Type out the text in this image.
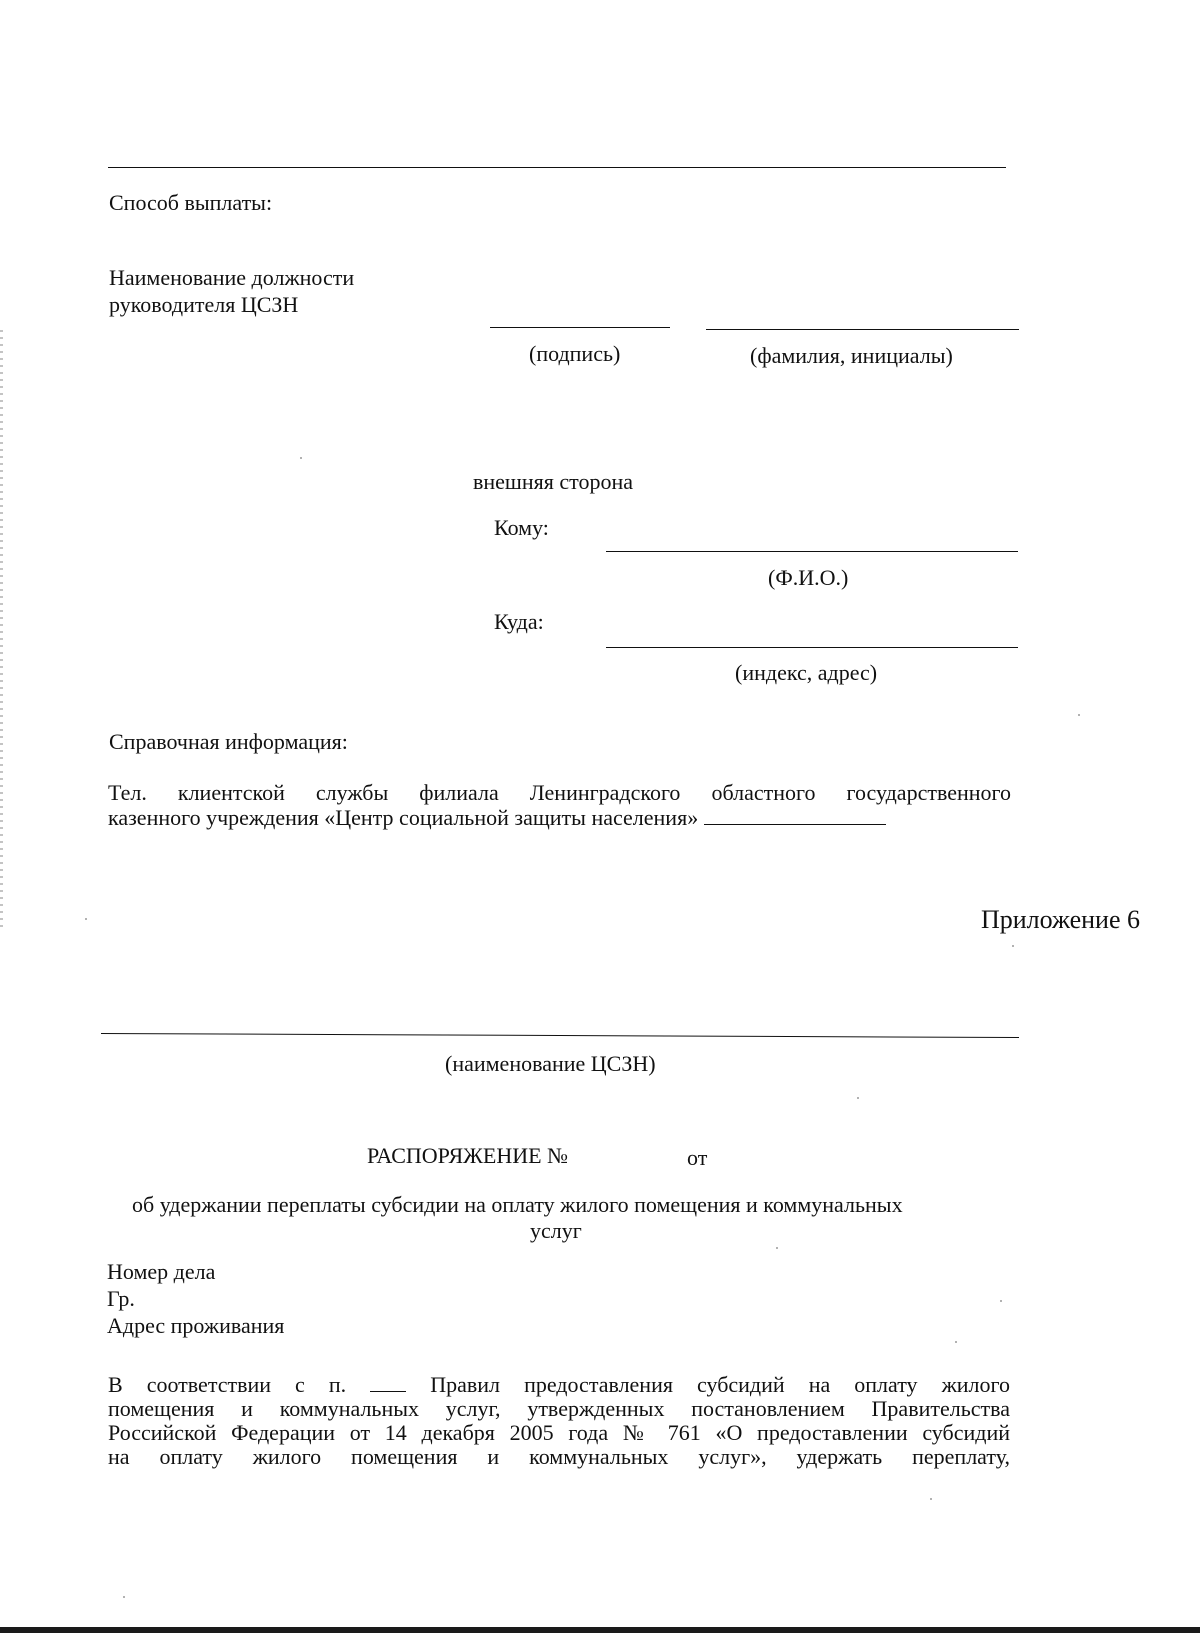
Способ выплаты:
Наименование должности
руководителя ЦСЗН
(подпись)	(фамилия, инициалы)
внешняя сторона
Кому:
(Ф.И.О.)
Куда:
(индекс, адрес)
Справочная информация:
Тел. клиентской службы филиала Ленинградского областного государственного
казенного учреждения «Центр социальной защиты населения»
Приложение 6
(наименование ЦСЗН)
РАСПОРЯЖЕНИЕ №	от
об удержании переплаты субсидии на оплату жилого помещения и коммунальных
услуг
Номер дела
Гр.
Адрес проживания
В соответствии с п.	Правил предоставления субсидий на оплату жилого
помещения и коммунальных услуг, утвержденных постановлением Правительства
Российской Федерации от 14 декабря 2005 года № 761 «О предоставлении субсидий
на оплату жилого помещения и коммунальных услуг», удержать переплату,
